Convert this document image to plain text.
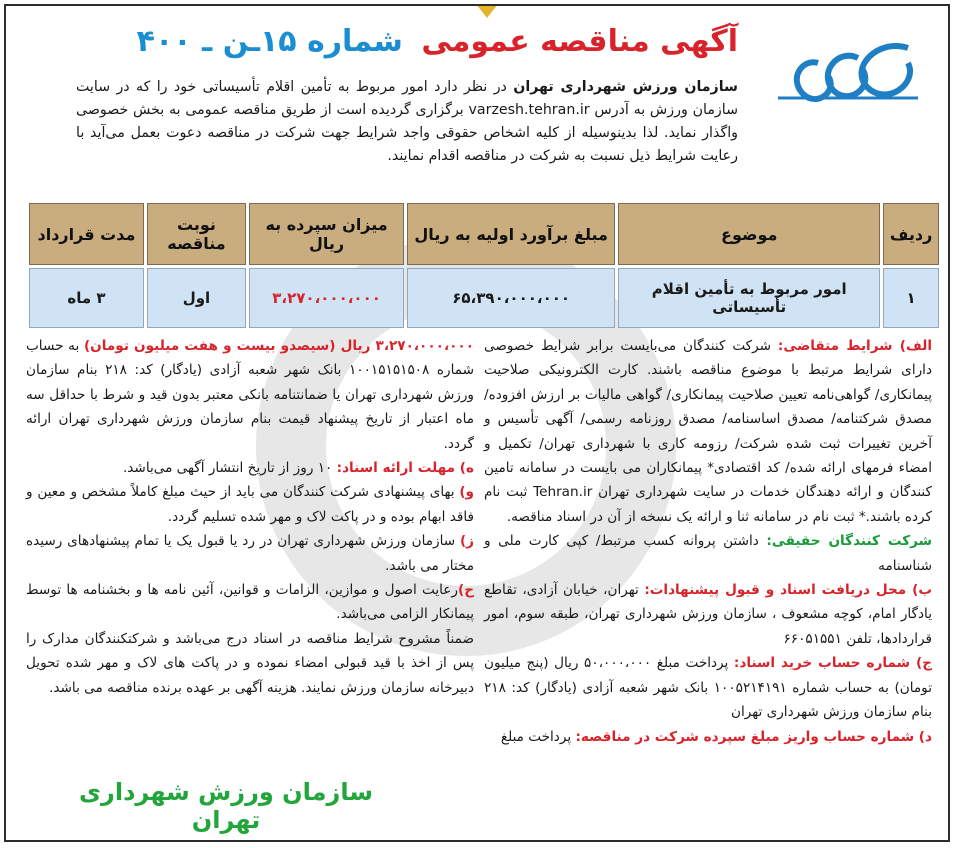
آگهی مناقصه عمومی شماره ۱۵ـن ـ ۴۰۰
سازمان ورزش شهرداری تهران در نظر دارد امور مربوط به تأمین اقلام تأسیساتی خود را که در سایت سازمان ورزش به آدرس varzesh.tehran.ir برگزاری گردیده است از طریق مناقصه عمومی به بخش خصوصی واگذار نماید. لذا بدینوسیله از کلیه اشخاص حقوقی واجد شرایط جهت شرکت در مناقصه دعوت بعمل می‌آید با رعایت شرایط ذیل نسبت به شرکت در مناقصه اقدام نمایند.
ردیف	موضوع	مبلغ برآورد اولیه به ریال	میزان سپرده به ریال	نوبت مناقصه	مدت قرارداد
۱	امور مربوط به تأمین اقلام تأسیساتی	۶۵،۳۹۰،۰۰۰،۰۰۰	۳،۲۷۰،۰۰۰،۰۰۰	اول	۳ ماه

الف) شرایط متقاضی: شرکت کنندگان می‌بایست برابر شرایط خصوصی دارای شرایط مرتبط با موضوع مناقصه باشند. کارت الکترونیکی صلاحیت پیمانکاری/ گواهی‌نامه تعیین صلاحیت پیمانکاری/ گواهی مالیات بر ارزش افزوده/ مصدق شرکتنامه/ مصدق اساسنامه/ مصدق روزنامه رسمی/ آگهی تأسیس و آخرین تغییرات ثبت شده شرکت/ رزومه کاری با شهرداری تهران/ تکمیل و امضاء فرمهای ارائه شده/ کد اقتصادی* پیمانکاران می بایست در سامانه تامین کنندگان و ارائه دهندگان خدمات در سایت شهرداری تهران Tehran.ir ثبت نام کرده باشند.* ثبت نام در سامانه ثنا و ارائه یک نسخه از آن در اسناد مناقصه.

شرکت کنندگان حقیقی: داشتن پروانه کسب مرتبط/ کپی کارت ملی و شناسنامه

ب) محل دریافت اسناد و قبول پیشنهادات: تهران، خیابان آزادی، تقاطع یادگار امام، کوچه مشعوف ، سازمان ورزش شهرداری تهران، طبقه سوم، امور قراردادها، تلفن ۶۶۰۵۱۵۵۱

ج) شماره حساب خرید اسناد: پرداخت مبلغ ۵۰،۰۰۰،۰۰۰ ریال (پنج میلیون تومان) به حساب شماره ۱۰۰۵۲۱۴۱۹۱ بانک شهر شعبه آزادی (یادگار) کد: ۲۱۸ بنام سازمان ورزش شهرداری تهران

د) شماره حساب واریز مبلغ سپرده شرکت در مناقصه: پرداخت مبلغ

۳،۲۷۰،۰۰۰،۰۰۰ ریال (سیصدو بیست و هفت میلیون تومان) به حساب شماره ۱۰۰۱۵۱۵۱۵۰۸ بانک شهر شعبه آزادی (یادگار) کد: ۲۱۸ بنام سازمان ورزش شهرداری تهران یا ضمانتنامه بانکی معتبر بدون قید و شرط با حداقل سه ماه اعتبار از تاریخ پیشنهاد قیمت بنام سازمان ورزش شهرداری تهران ارائه گردد.

ه) مهلت ارائه اسناد: ۱۰ روز از تاریخ انتشار آگهی می‌باشد.

و) بهای پیشنهادی شرکت کنندگان می باید از حیث مبلغ کاملاً مشخص و معین و فاقد ابهام بوده و در پاکت لاک و مهر شده تسلیم گردد.

ز) سازمان ورزش شهرداری تهران در رد یا قبول یک یا تمام پیشنهادهای رسیده مختار می باشد.

ح)رعایت اصول و موازین، الزامات و قوانین، آئین نامه ها و بخشنامه ها توسط پیمانکار الزامی می‌باشد.

ضمناً مشروح شرایط مناقصه در اسناد درج می‌باشد و شرکتکنندگان مدارک را پس از اخذ با قید قبولی امضاء نموده و در پاکت های لاک و مهر شده تحویل دبیرخانه سازمان ورزش نمایند. هزینه آگهی بر عهده برنده مناقصه می باشد.

سازمان ورزش شهرداری تهران
